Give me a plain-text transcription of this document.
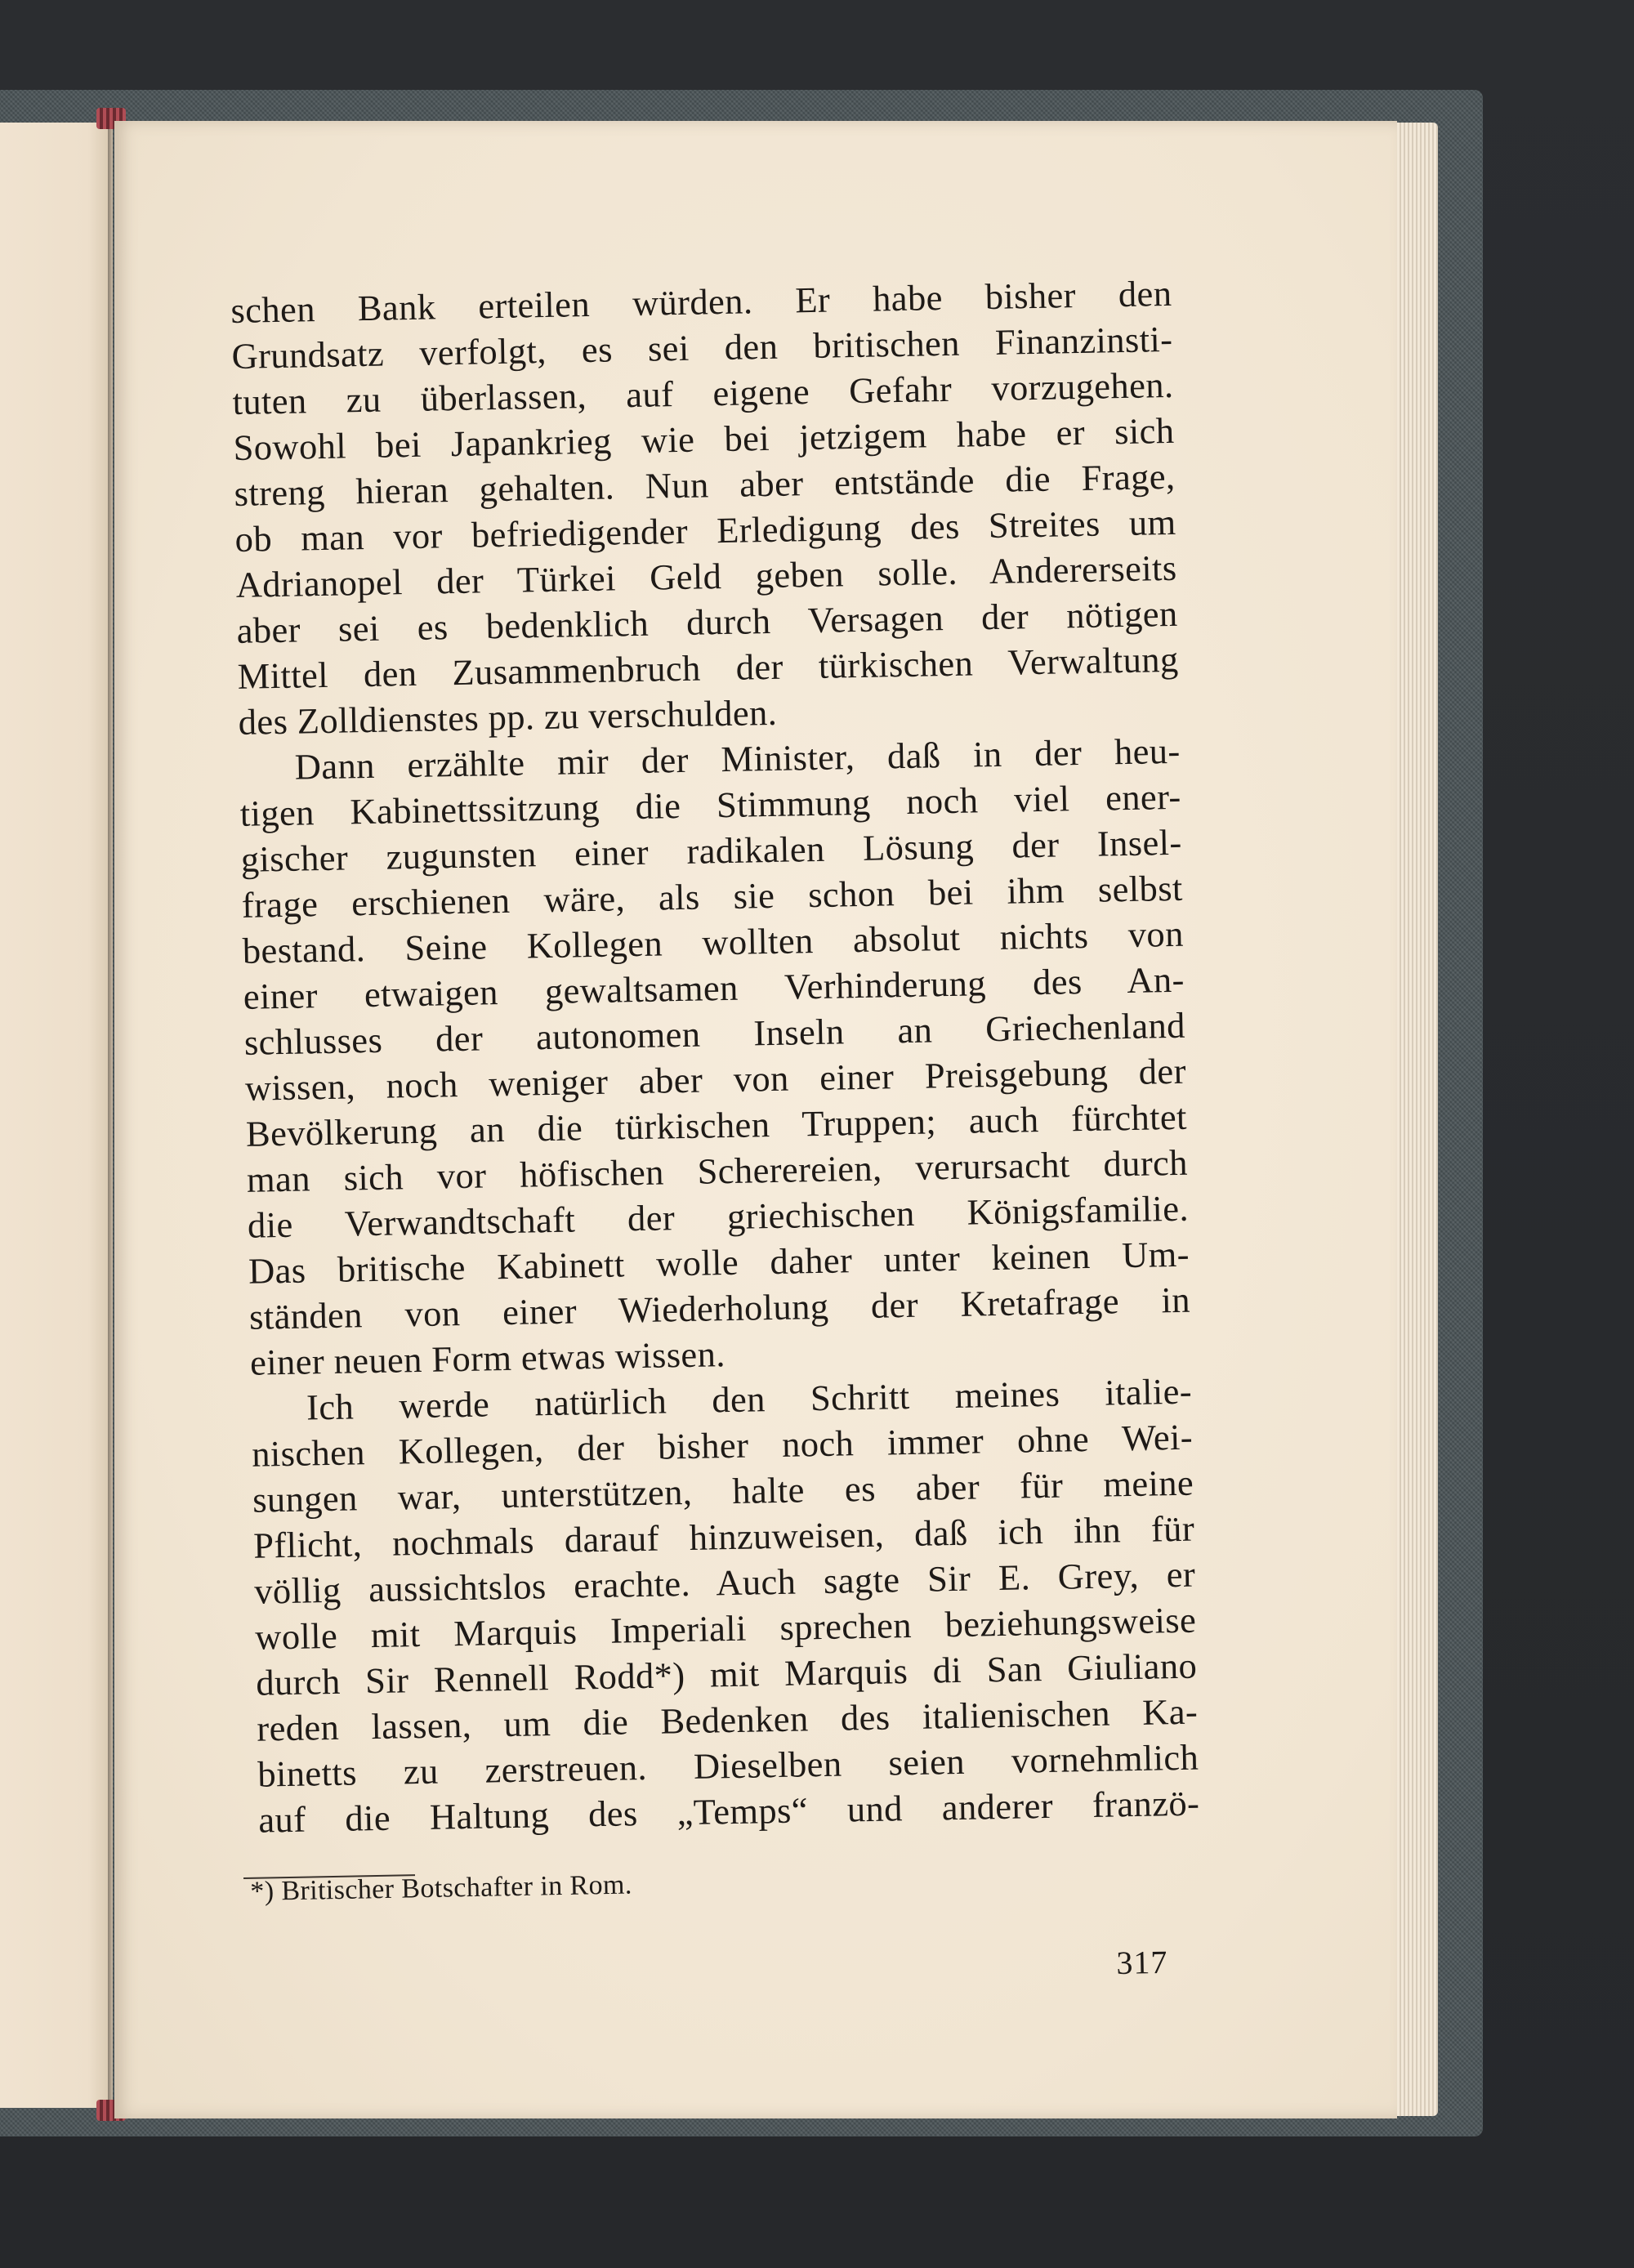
schen Bank erteilen würden. Er habe bisher den
Grundsatz verfolgt, es sei den britischen Finanzinsti-
tuten zu überlassen, auf eigene Gefahr vorzugehen.
Sowohl bei Japankrieg wie bei jetzigem habe er sich
streng hieran gehalten. Nun aber entstände die Frage,
ob man vor befriedigender Erledigung des Streites um
Adrianopel der Türkei Geld geben solle. Andererseits
aber sei es bedenklich durch Versagen der nötigen
Mittel den Zusammenbruch der türkischen Verwaltung
des Zolldienstes pp. zu verschulden.
Dann erzählte mir der Minister, daß in der heu-
tigen Kabinettssitzung die Stimmung noch viel ener-
gischer zugunsten einer radikalen Lösung der Insel-
frage erschienen wäre, als sie schon bei ihm selbst
bestand. Seine Kollegen wollten absolut nichts von
einer etwaigen gewaltsamen Verhinderung des An-
schlusses der autonomen Inseln an Griechenland
wissen, noch weniger aber von einer Preisgebung der
Bevölkerung an die türkischen Truppen; auch fürchtet
man sich vor höfischen Scherereien, verursacht durch
die Verwandtschaft der griechischen Königsfamilie.
Das britische Kabinett wolle daher unter keinen Um-
ständen von einer Wiederholung der Kretafrage in
einer neuen Form etwas wissen.
Ich werde natürlich den Schritt meines italie-
nischen Kollegen, der bisher noch immer ohne Wei-
sungen war, unterstützen, halte es aber für meine
Pflicht, nochmals darauf hinzuweisen, daß ich ihn für
völlig aussichtslos erachte. Auch sagte Sir E. Grey, er
wolle mit Marquis Imperiali sprechen beziehungsweise
durch Sir Rennell Rodd*) mit Marquis di San Giuliano
reden lassen, um die Bedenken des italienischen Ka-
binetts zu zerstreuen. Dieselben seien vornehmlich
auf die Haltung des „Temps“ und anderer franzö-
*) Britischer Botschafter in Rom.
317
